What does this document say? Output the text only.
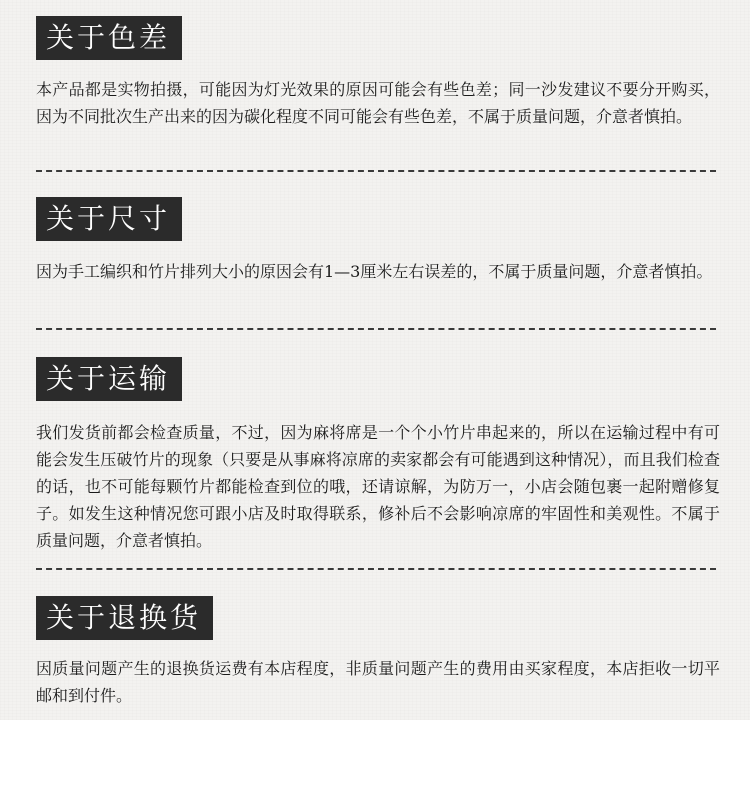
关于色差

本产品都是实物拍摄，可能因为灯光效果的原因可能会有些色差；同一沙发建议不要分开购买，因为不同批次生产出来的因为碳化程度不同可能会有些色差，不属于质量问题，介意者慎拍。

关于尺寸

因为手工编织和竹片排列大小的原因会有1—3厘米左右误差的，不属于质量问题，介意者慎拍。

关于运输

我们发货前都会检查质量，不过，因为麻将席是一个个小竹片串起来的，所以在运输过程中有可能会发生压破竹片的现象（只要是从事麻将凉席的卖家都会有可能遇到这种情况），而且我们检查的话，也不可能每颗竹片都能检查到位的哦，还请谅解，为防万一，小店会随包裹一起附赠修复子。如发生这种情况您可跟小店及时取得联系，修补后不会影响凉席的牢固性和美观性。不属于质量问题，介意者慎拍。

关于退换货

因质量问题产生的退换货运费有本店程度，非质量问题产生的费用由买家程度，本店拒收一切平邮和到付件。
